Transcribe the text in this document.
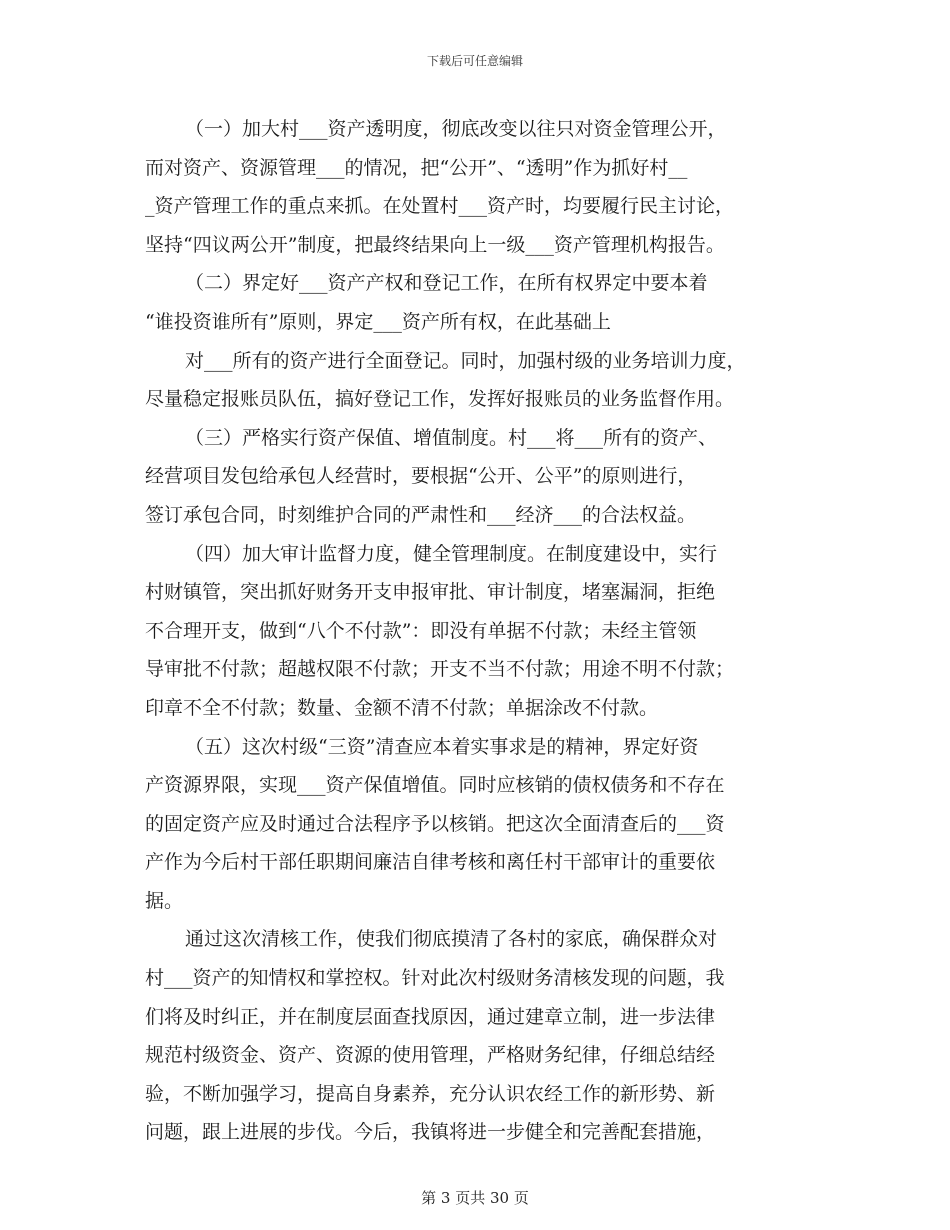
下载后可任意编辑
（一）加大村___资产透明度，彻底改变以往只对资金管理公开，
而对资产、资源管理___的情况，把“公开”、“透明”作为抓好村__
_资产管理工作的重点来抓。在处置村___资产时，均要履行民主讨论，
坚持“四议两公开”制度，把最终结果向上一级___资产管理机构报告。
（二）界定好___资产产权和登记工作，在所有权界定中要本着
“谁投资谁所有”原则，界定___资产所有权，在此基础上
对___所有的资产进行全面登记。同时，加强村级的业务培训力度，
尽量稳定报账员队伍，搞好登记工作，发挥好报账员的业务监督作用。
（三）严格实行资产保值、增值制度。村___将___所有的资产、
经营项目发包给承包人经营时，要根据“公开、公平”的原则进行，
签订承包合同，时刻维护合同的严肃性和___经济___的合法权益。
（四）加大审计监督力度，健全管理制度。在制度建设中，实行
村财镇管，突出抓好财务开支申报审批、审计制度，堵塞漏洞，拒绝
不合理开支，做到“八个不付款”：即没有单据不付款；未经主管领
导审批不付款；超越权限不付款；开支不当不付款；用途不明不付款；
印章不全不付款；数量、金额不清不付款；单据涂改不付款。
（五）这次村级“三资”清查应本着实事求是的精神，界定好资
产资源界限，实现___资产保值增值。同时应核销的债权债务和不存在
的固定资产应及时通过合法程序予以核销。把这次全面清查后的___资
产作为今后村干部任职期间廉洁自律考核和离任村干部审计的重要依
据。
通过这次清核工作，使我们彻底摸清了各村的家底，确保群众对
村___资产的知情权和掌控权。针对此次村级财务清核发现的问题，我
们将及时纠正，并在制度层面查找原因，通过建章立制，进一步法律
规范村级资金、资产、资源的使用管理，严格财务纪律，仔细总结经
验，不断加强学习，提高自身素养，充分认识农经工作的新形势、新
问题，跟上进展的步伐。今后，我镇将进一步健全和完善配套措施，
第 3 页共 30 页
